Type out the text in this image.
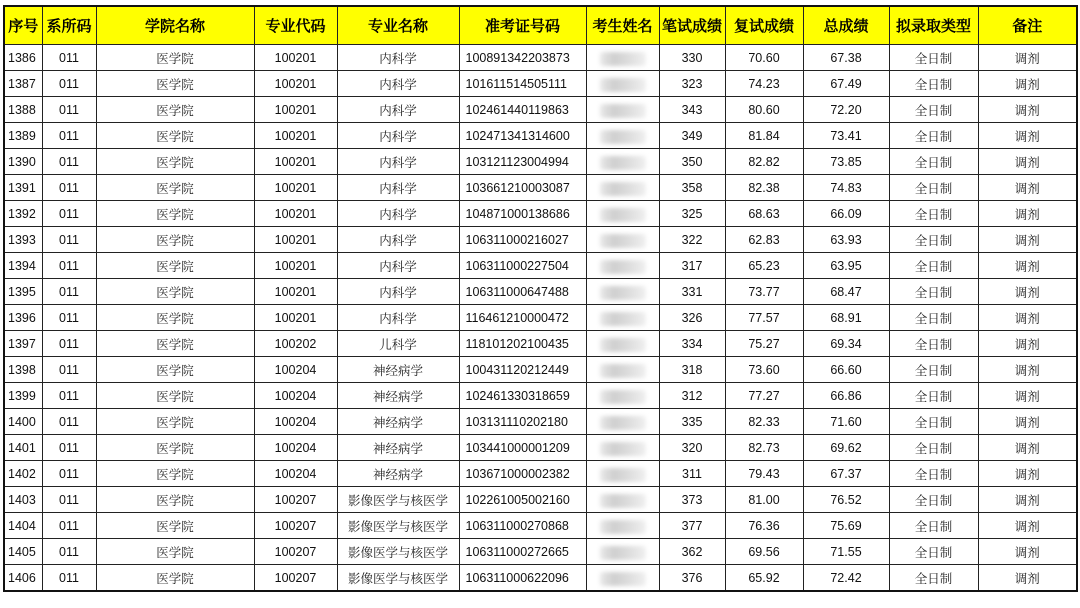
序号	系所码	学院名称	专业代码	专业名称	准考证号码	考生姓名	笔试成绩	复试成绩	总成绩	拟录取类型	备注
1386	011	医学院	100201	内科学	100891342203873		330	70.60	67.38	全日制	调剂
1387	011	医学院	100201	内科学	101611514505111		323	74.23	67.49	全日制	调剂
1388	011	医学院	100201	内科学	102461440119863		343	80.60	72.20	全日制	调剂
1389	011	医学院	100201	内科学	102471341314600		349	81.84	73.41	全日制	调剂
1390	011	医学院	100201	内科学	103121123004994		350	82.82	73.85	全日制	调剂
1391	011	医学院	100201	内科学	103661210003087		358	82.38	74.83	全日制	调剂
1392	011	医学院	100201	内科学	104871000138686		325	68.63	66.09	全日制	调剂
1393	011	医学院	100201	内科学	106311000216027		322	62.83	63.93	全日制	调剂
1394	011	医学院	100201	内科学	106311000227504		317	65.23	63.95	全日制	调剂
1395	011	医学院	100201	内科学	106311000647488		331	73.77	68.47	全日制	调剂
1396	011	医学院	100201	内科学	116461210000472		326	77.57	68.91	全日制	调剂
1397	011	医学院	100202	儿科学	118101202100435		334	75.27	69.34	全日制	调剂
1398	011	医学院	100204	神经病学	100431120212449		318	73.60	66.60	全日制	调剂
1399	011	医学院	100204	神经病学	102461330318659		312	77.27	66.86	全日制	调剂
1400	011	医学院	100204	神经病学	103131110202180		335	82.33	71.60	全日制	调剂
1401	011	医学院	100204	神经病学	103441000001209		320	82.73	69.62	全日制	调剂
1402	011	医学院	100204	神经病学	103671000002382		311	79.43	67.37	全日制	调剂
1403	011	医学院	100207	影像医学与核医学	102261005002160		373	81.00	76.52	全日制	调剂
1404	011	医学院	100207	影像医学与核医学	106311000270868		377	76.36	75.69	全日制	调剂
1405	011	医学院	100207	影像医学与核医学	106311000272665		362	69.56	71.55	全日制	调剂
1406	011	医学院	100207	影像医学与核医学	106311000622096		376	65.92	72.42	全日制	调剂
